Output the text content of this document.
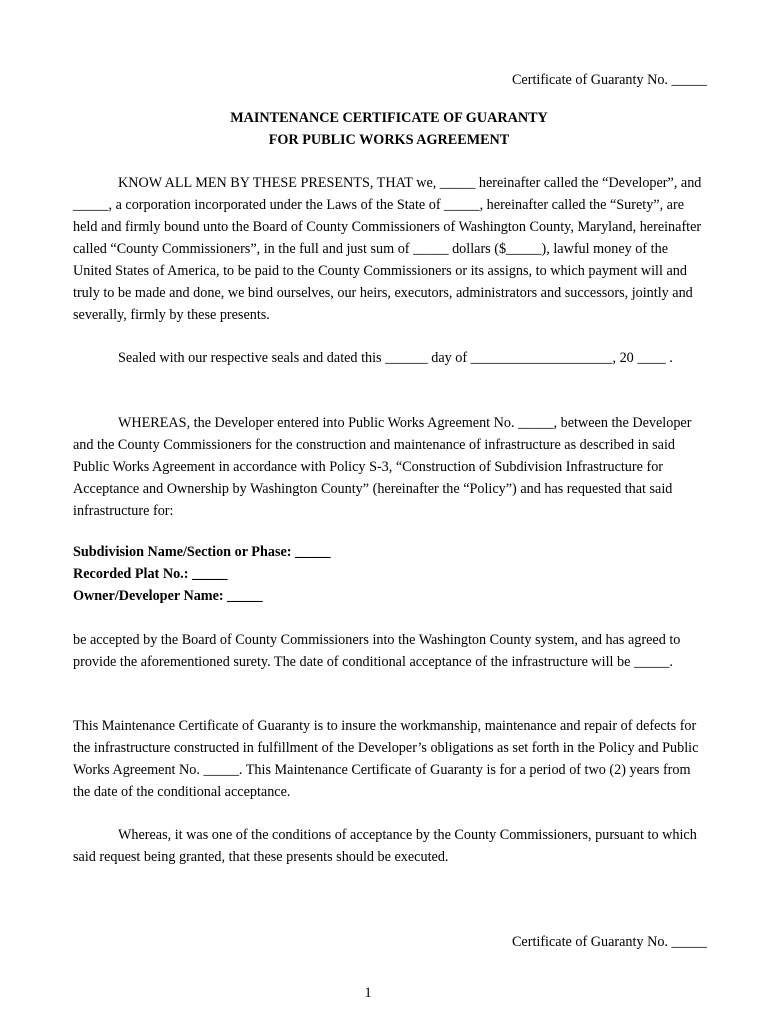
Certificate of Guaranty No. _____
MAINTENANCE CERTIFICATE OF GUARANTY
FOR PUBLIC WORKS AGREEMENT
KNOW ALL MEN BY THESE PRESENTS, THAT we, _____ hereinafter called the “Developer”, and _____, a corporation incorporated under the Laws of the State of _____, hereinafter called the “Surety”, are held and firmly bound unto the Board of County Commissioners of Washington County, Maryland, hereinafter called “County Commissioners”, in the full and just sum of _____ dollars ($_____), lawful money of the United States of America, to be paid to the County Commissioners or its assigns, to which payment will and truly to be made and done, we bind ourselves, our heirs, executors, administrators and successors, jointly and severally, firmly by these presents.
Sealed with our respective seals and dated this ______ day of ____________________, 20 ____ .
WHEREAS, the Developer entered into Public Works Agreement No. _____, between the Developer and the County Commissioners for the construction and maintenance of infrastructure as described in said Public Works Agreement in accordance with Policy S-3, “Construction of Subdivision Infrastructure for Acceptance and Ownership by Washington County” (hereinafter the “Policy”) and has requested that said infrastructure for:
Subdivision Name/Section or Phase: _____
Recorded Plat No.: _____
Owner/Developer Name: _____
be accepted by the Board of County Commissioners into the Washington County system, and has agreed to provide the aforementioned surety. The date of conditional acceptance of the infrastructure will be _____.
This Maintenance Certificate of Guaranty is to insure the workmanship, maintenance and repair of defects for the infrastructure constructed in fulfillment of the Developer’s obligations as set forth in the Policy and Public Works Agreement No. _____. This Maintenance Certificate of Guaranty is for a period of two (2) years from the date of the conditional acceptance.
Whereas, it was one of the conditions of acceptance by the County Commissioners, pursuant to which said request being granted, that these presents should be executed.
Certificate of Guaranty No. _____
1
